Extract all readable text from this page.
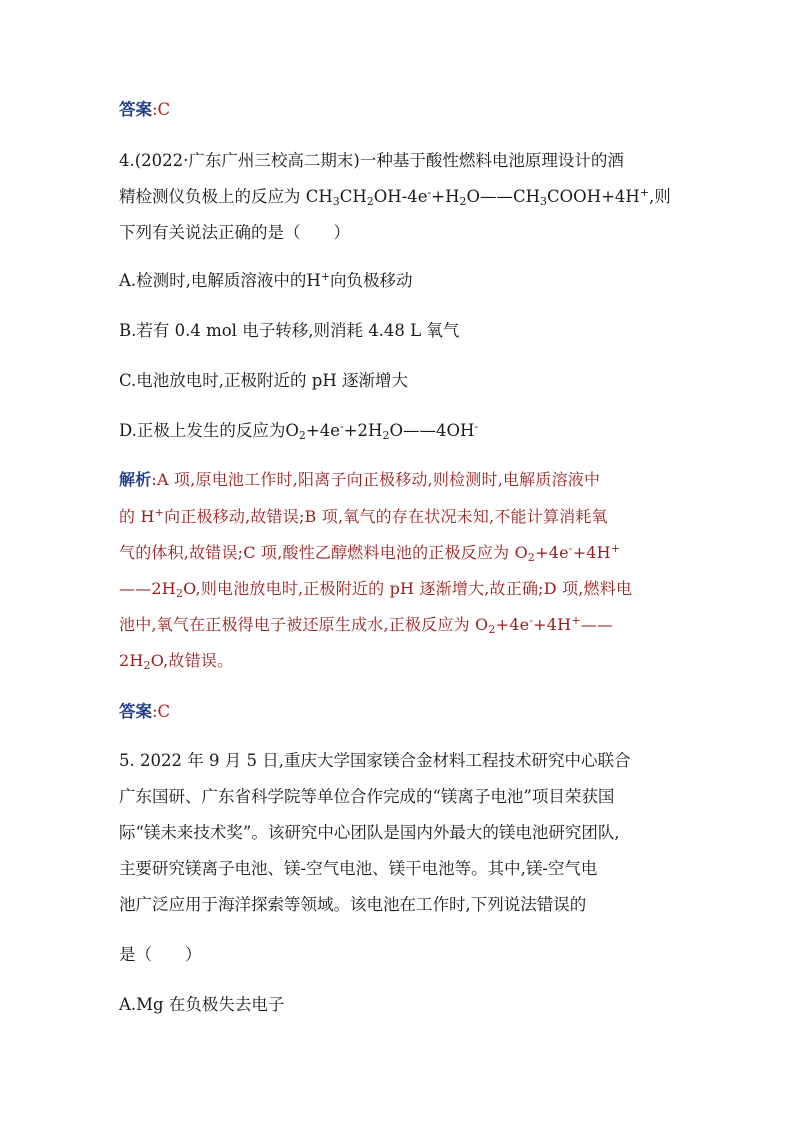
答案:C
4.(2022·广东广州三校高二期末)一种基于酸性燃料电池原理设计的酒
精检测仪负极上的反应为 $CH_3CH_2OH-4e^-+H_2O——CH_3COOH+4H^+$,则
下列有关说法正确的是（　　）
A.检测时,电解质溶液中的H+向负极移动
B.若有 0.4 mol 电子转移,则消耗 4.48 L 氧气
C.电池放电时,正极附近的 pH 逐渐增大
D.正极上发生的反应为$O_2+4e^-+2H_2O——4OH^-$
解析:A 项,原电池工作时,阳离子向正极移动,则检测时,电解质溶液中
的 H+向正极移动,故错误;B 项,氧气的存在状况未知,不能计算消耗氧
气的体积,故错误;C 项,酸性乙醇燃料电池的正极反应为 $O_2+4e^-+4H^+$
$——2H_2O$,则电池放电时,正极附近的 pH 逐渐增大,故正确;D 项,燃料电
池中,氧气在正极得电子被还原生成水,正极反应为 $O_2+4e^-+4H^+——$
$2H_2O$,故错误。
答案:C
5. 2022 年 9 月 5 日,重庆大学国家镁合金材料工程技术研究中心联合
广东国研、广东省科学院等单位合作完成的“镁离子电池”项目荣获国
际“镁未来技术奖”。该研究中心团队是国内外最大的镁电池研究团队,
主要研究镁离子电池、镁-空气电池、镁干电池等。其中,镁-空气电
池广泛应用于海洋探索等领域。该电池在工作时,下列说法错误的
是（　　）
A.Mg 在负极失去电子
